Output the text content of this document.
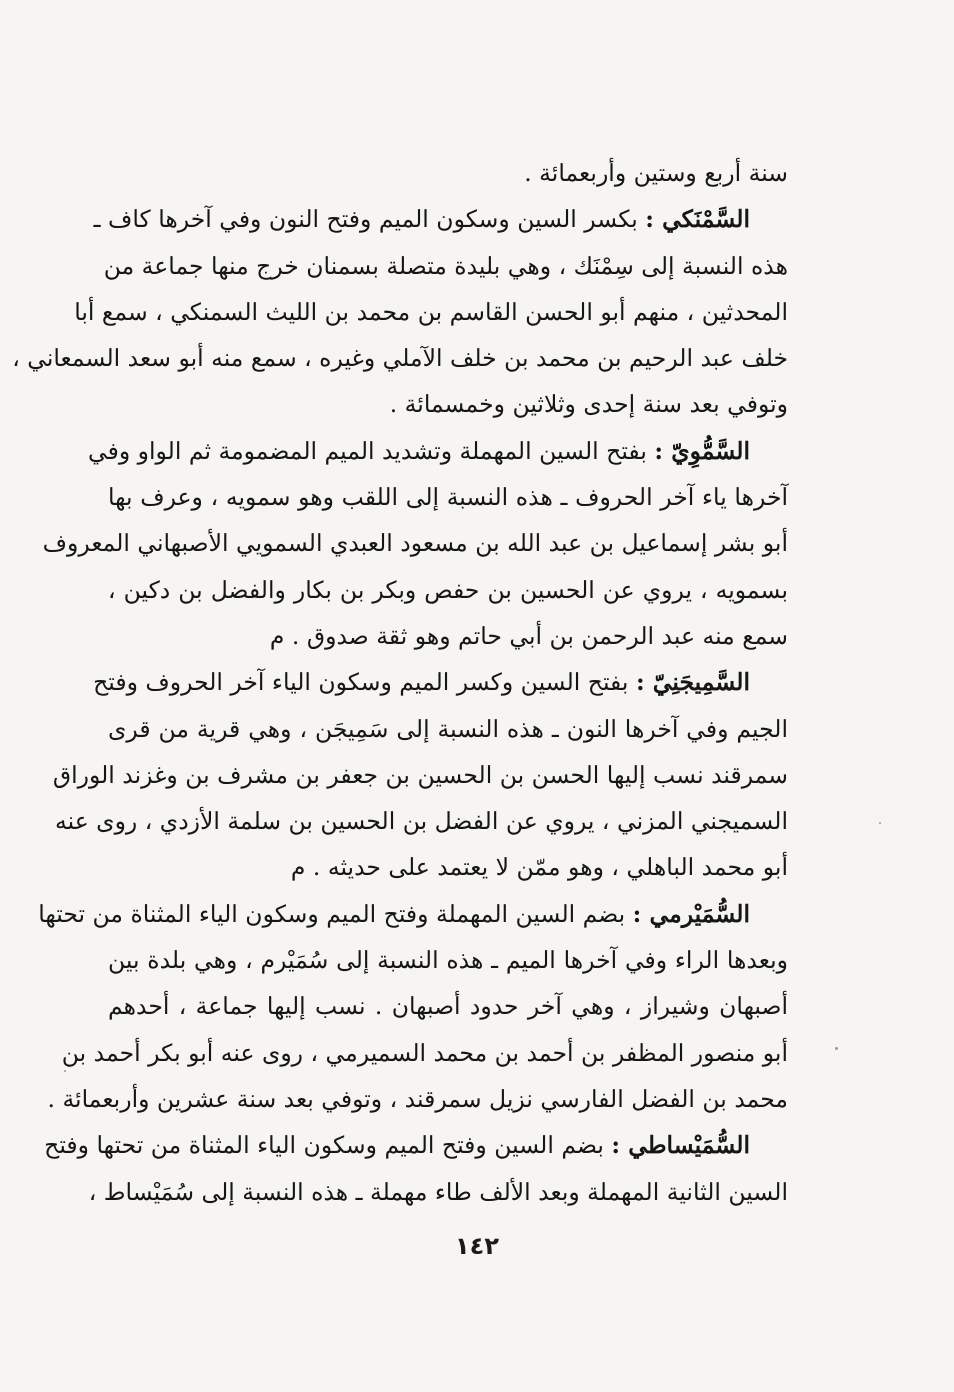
سنة أربع وستين وأربعمائة .
السَّمْنَكي : بكسر السين وسكون الميم وفتح النون وفي آخرها كاف ـ
هذه النسبة إلى سِمْنَك ، وهي بليدة متصلة بسمنان خرج منها جماعة من
المحدثين ، منهم أبو الحسن القاسم بن محمد بن الليث السمنكي ، سمع أبا
خلف عبد الرحيم بن محمد بن خلف الآملي وغيره ، سمع منه أبو سعد السمعاني ،
وتوفي بعد سنة إحدى وثلاثين وخمسمائة .
السَّمُّوِيّ : بفتح السين المهملة وتشديد الميم المضمومة ثم الواو وفي
آخرها ياء آخر الحروف ـ هذه النسبة إلى اللقب وهو سمويه ، وعرف بها
أبو بشر إسماعيل بن عبد الله بن مسعود العبدي السمويي الأصبهاني المعروف
بسمويه ، يروي عن الحسين بن حفص وبكر بن بكار والفضل بن دكين ،
سمع منه عبد الرحمن بن أبي حاتم وهو ثقة صدوق . م
السَّمِيجَنِيّ : بفتح السين وكسر الميم وسكون الياء آخر الحروف وفتح
الجيم وفي آخرها النون ـ هذه النسبة إلى سَمِيجَن ، وهي قرية من قرى
سمرقند نسب إليها الحسن بن الحسين بن جعفر بن مشرف بن وغزند الوراق
السميجني المزني ، يروي عن الفضل بن الحسين بن سلمة الأزدي ، روى عنه
أبو محمد الباهلي ، وهو ممّن لا يعتمد على حديثه . م
السُّمَيْرمي : بضم السين المهملة وفتح الميم وسكون الياء المثناة من تحتها
وبعدها الراء وفي آخرها الميم ـ هذه النسبة إلى سُمَيْرم ، وهي بلدة بين
أصبهان وشيراز ، وهي آخر حدود أصبهان . نسب إليها جماعة ، أحدهم
أبو منصور المظفر بن أحمد بن محمد السميرمي ، روى عنه أبو بكر أحمد بن
محمد بن الفضل الفارسي نزيل سمرقند ، وتوفي بعد سنة عشرين وأربعمائة .
السُّمَيْساطي : بضم السين وفتح الميم وسكون الياء المثناة من تحتها وفتح
السين الثانية المهملة وبعد الألف طاء مهملة ـ هذه النسبة إلى سُمَيْساط ،
١٤٢
